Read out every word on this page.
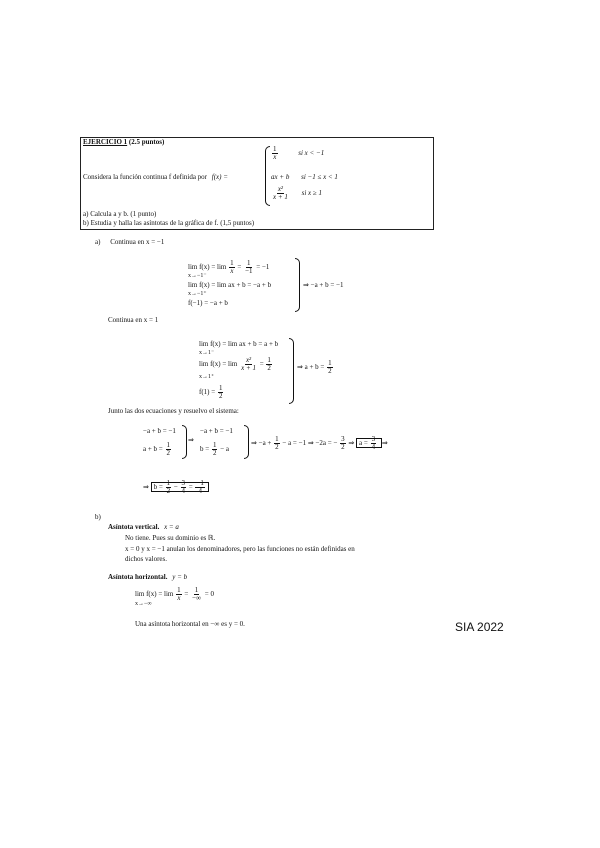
EJERCICIO 1 (2.5 puntos)
Considera la función continua f definida por f(x) =
$\frac{1}{x}$	si x < −1
ax + b si −1 ≤ x < 1
$\frac{\text{x²}}{x + 1}$ si x ≥ 1
a) Calcula a y b. (1 punto)
b) Estudia y halla las asíntotas de la gráfica de f. (1,5 puntos)
a) Continua en x = −1
$\lim f(x) = \lim \frac{1}{x} = \frac{1}{-1} = -1$
x→−1⁻
lim f(x) = lim ax + b = −a + b
x→−1⁺
f(−1) = −a + b
⇒ −a + b = −1
Continua en x = 1
lim f(x) = lim ax + b = a + b
x→1⁻
$\lim f(x) = \lim \frac{\text{x²}}{x + 1} = \frac{1}{2}$
x→1⁺
$f(1) = \frac{1}{2}$
⇒ $a + b = \frac{1}{2}$
Junto las dos ecuaciones y resuelvo el sistema:
−a + b = −1
$a + b = \frac{1}{2}$
⇒
−a + b = −1
$b = \frac{1}{2} - a$
⇒ $-a + \frac{1}{2} - a = -1$ ⇒ −2a = − $\frac{3}{2}$ ⇒ $a = \frac{3}{4}$ ⇒
⇒ $b = \frac{1}{2} - \frac{3}{4} = \frac{-1}{4}$
b)
Asíntota vertical. x = a
No tiene. Pues su dominio es ℝ.
x = 0 y x = −1 anulan los denominadores, pero las funciones no están definidas en
dichos valores.
Asíntota horizontal. y = b
$\lim f(x) = \lim \frac{1}{x} = \frac{1}{-\infty} = 0$
x→−∞
Una asíntota horizontal en −∞ es y = 0.	SIA 2022
